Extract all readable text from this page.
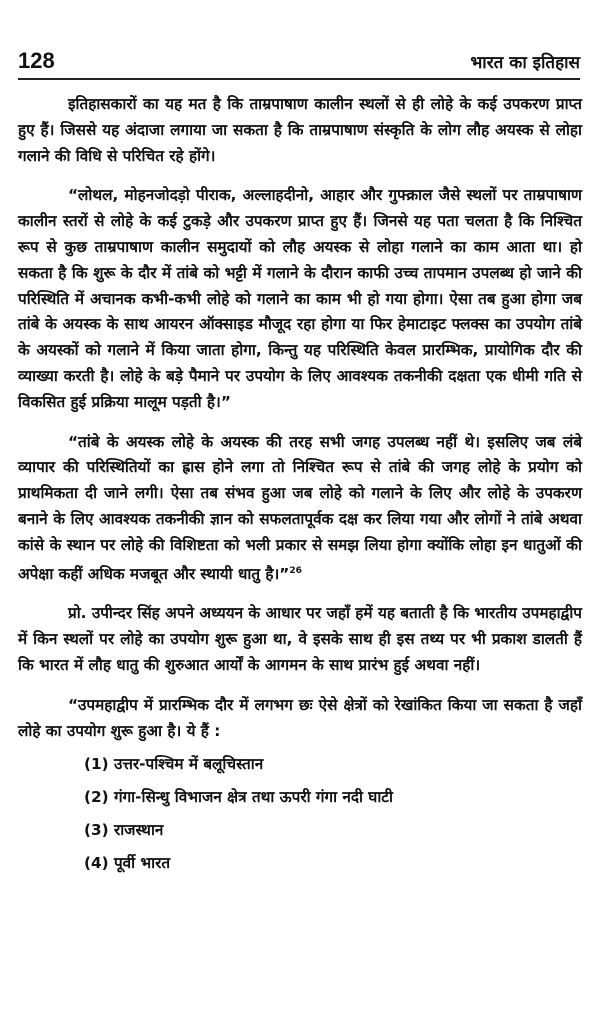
128	भारत का इतिहास

इतिहासकारों का यह मत है कि ताम्रपाषाण कालीन स्थलों से ही लोहे के कई उपकरण प्राप्त हुए हैं। जिससे यह अंदाजा लगाया जा सकता है कि ताम्रपाषाण संस्कृति के लोग लौह अयस्क से लोहा गलाने की विधि से परिचित रहे होंगे।

“लोथल, मोहनजोदड़ो पीराक, अल्लाहदीनो, आहार और गुफ्क्राल जैसे स्थलों पर ताम्रपाषाण कालीन स्तरों से लोहे के कई टुकड़े और उपकरण प्राप्त हुए हैं। जिनसे यह पता चलता है कि निश्चित रूप से कुछ ताम्रपाषाण कालीन समुदायों को लौह अयस्क से लोहा गलाने का काम आता था। हो सकता है कि शुरू के दौर में तांबे को भट्टी में गलाने के दौरान काफी उच्च तापमान उपलब्ध हो जाने की परिस्थिति में अचानक कभी-कभी लोहे को गलाने का काम भी हो गया होगा। ऐसा तब हुआ होगा जब तांबे के अयस्क के साथ आयरन ऑक्साइड मौजूद रहा होगा या फिर हेमाटाइट फ्लक्स का उपयोग तांबे के अयस्कों को गलाने में किया जाता होगा, किन्तु यह परिस्थिति केवल प्रारम्भिक, प्रायोगिक दौर की व्याख्या करती है। लोहे के बड़े पैमाने पर उपयोग के लिए आवश्यक तकनीकी दक्षता एक धीमी गति से विकसित हुई प्रक्रिया मालूम पड़ती है।”

“तांबे के अयस्क लोहे के अयस्क की तरह सभी जगह उपलब्ध नहीं थे। इसलिए जब लंबे व्यापार की परिस्थितियों का ह्रास होने लगा तो निश्चित रूप से तांबे की जगह लोहे के प्रयोग को प्राथमिकता दी जाने लगी। ऐसा तब संभव हुआ जब लोहे को गलाने के लिए और लोहे के उपकरण बनाने के लिए आवश्यक तकनीकी ज्ञान को सफलतापूर्वक दक्ष कर लिया गया और लोगों ने तांबे अथवा कांसे के स्थान पर लोहे की विशिष्टता को भली प्रकार से समझ लिया होगा क्योंकि लोहा इन धातुओं की अपेक्षा कहीं अधिक मजबूत और स्थायी धातु है।”$^{26}$

प्रो. उपीन्दर सिंह अपने अध्ययन के आधार पर जहाँ हमें यह बताती है कि भारतीय उपमहाद्वीप में किन स्थलों पर लोहे का उपयोग शुरू हुआ था, वे इसके साथ ही इस तथ्य पर भी प्रकाश डालती हैं कि भारत में लौह धातु की शुरुआत आर्यों के आगमन के साथ प्रारंभ हुई अथवा नहीं।

“उपमहाद्वीप में प्रारम्भिक दौर में लगभग छः ऐसे क्षेत्रों को रेखांकित किया जा सकता है जहाँ लोहे का उपयोग शुरू हुआ है। ये हैं :

(1) उत्तर-पश्चिम में बलूचिस्तान
(2) गंगा-सिन्धु विभाजन क्षेत्र तथा ऊपरी गंगा नदी घाटी
(3) राजस्थान
(4) पूर्वी भारत
